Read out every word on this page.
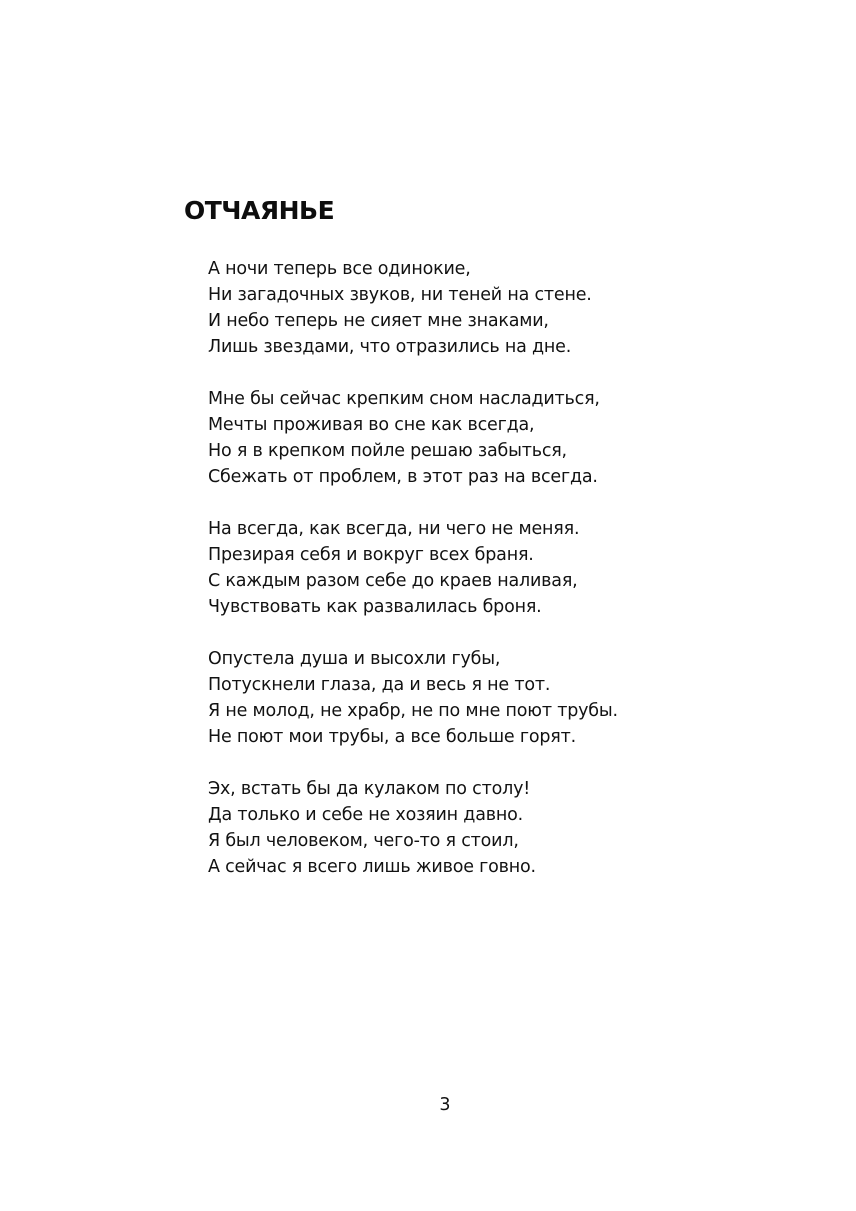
ОТЧАЯНЬЕ
А ночи теперь все одинокие,
Ни загадочных звуков, ни теней на стене.
И небо теперь не сияет мне знаками,
Лишь звездами, что отразились на дне.
Мне бы сейчас крепким сном насладиться,
Мечты проживая во сне как всегда,
Но я в крепком пойле решаю забыться,
Сбежать от проблем, в этот раз на всегда.
На всегда, как всегда, ни чего не меняя.
Презирая себя и вокруг всех браня.
С каждым разом себе до краев наливая,
Чувствовать как развалилась броня.
Опустела душа и высохли губы,
Потускнели глаза, да и весь я не тот.
Я не молод, не храбр, не по мне поют трубы.
Не поют мои трубы, а все больше горят.
Эх, встать бы да кулаком по столу!
Да только и себе не хозяин давно.
Я был человеком, чего-то я стоил,
А сейчас я всего лишь живое говно.
3
